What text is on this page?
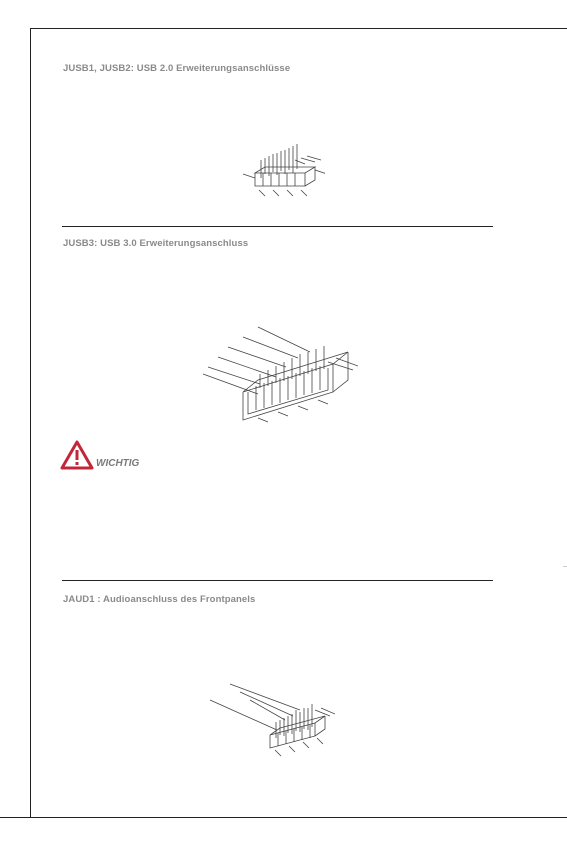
JUSB1, JUSB2: USB 2.0 Erweiterungsanschlüsse
JUSB3: USB 3.0 Erweiterungsanschluss
WICHTIG
JAUD1 : Audioanschluss des Frontpanels
